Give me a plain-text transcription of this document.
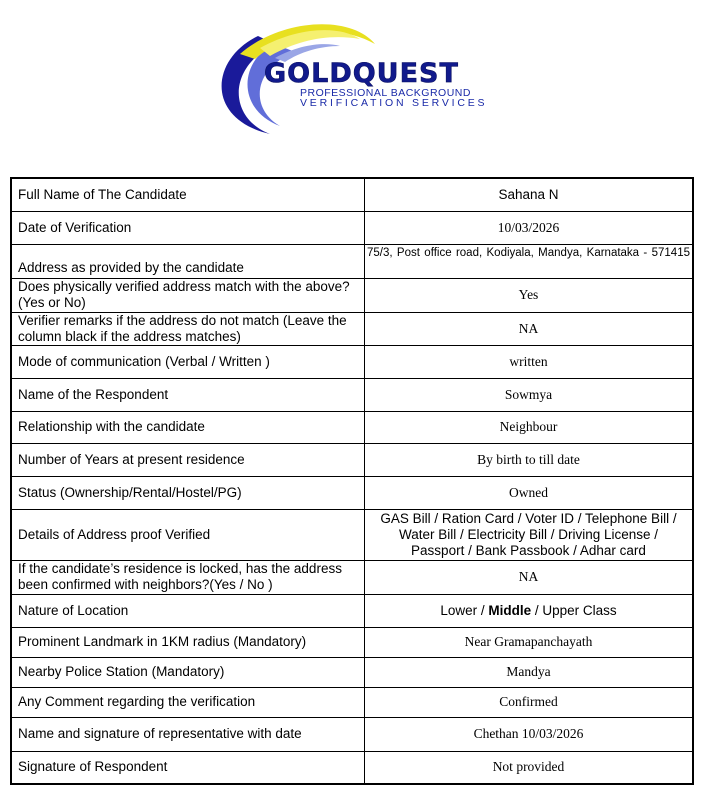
GOLDQUEST
PROFESSIONAL BACKGROUND
VERIFICATION SERVICES
Full Name of The Candidate	Sahana N
Date of Verification	10/03/2026
Address as provided by the candidate	75/3, Post office road, Kodiyala, Mandya, Karnataka - 571415
Does physically verified address match with the above? (Yes or No)	Yes
Verifier remarks if the address do not match (Leave the column black if the address matches)	NA
Mode of communication (Verbal / Written )	written
Name of the Respondent	Sowmya
Relationship with the candidate	Neighbour
Number of Years at present residence	By birth to till date
Status (Ownership/Rental/Hostel/PG)	Owned
Details of Address proof Verified	GAS Bill / Ration Card / Voter ID / Telephone Bill / Water Bill / Electricity Bill / Driving License / Passport / Bank Passbook / Adhar card
If the candidate’s residence is locked, has the address been confirmed with neighbors?(Yes / No )	NA
Nature of Location	Lower / Middle / Upper Class
Prominent Landmark in 1KM radius (Mandatory)	Near Gramapanchayath
Nearby Police Station (Mandatory)	Mandya
Any Comment regarding the verification	Confirmed
Name and signature of representative with date	Chethan 10/03/2026
Signature of Respondent	Not provided
